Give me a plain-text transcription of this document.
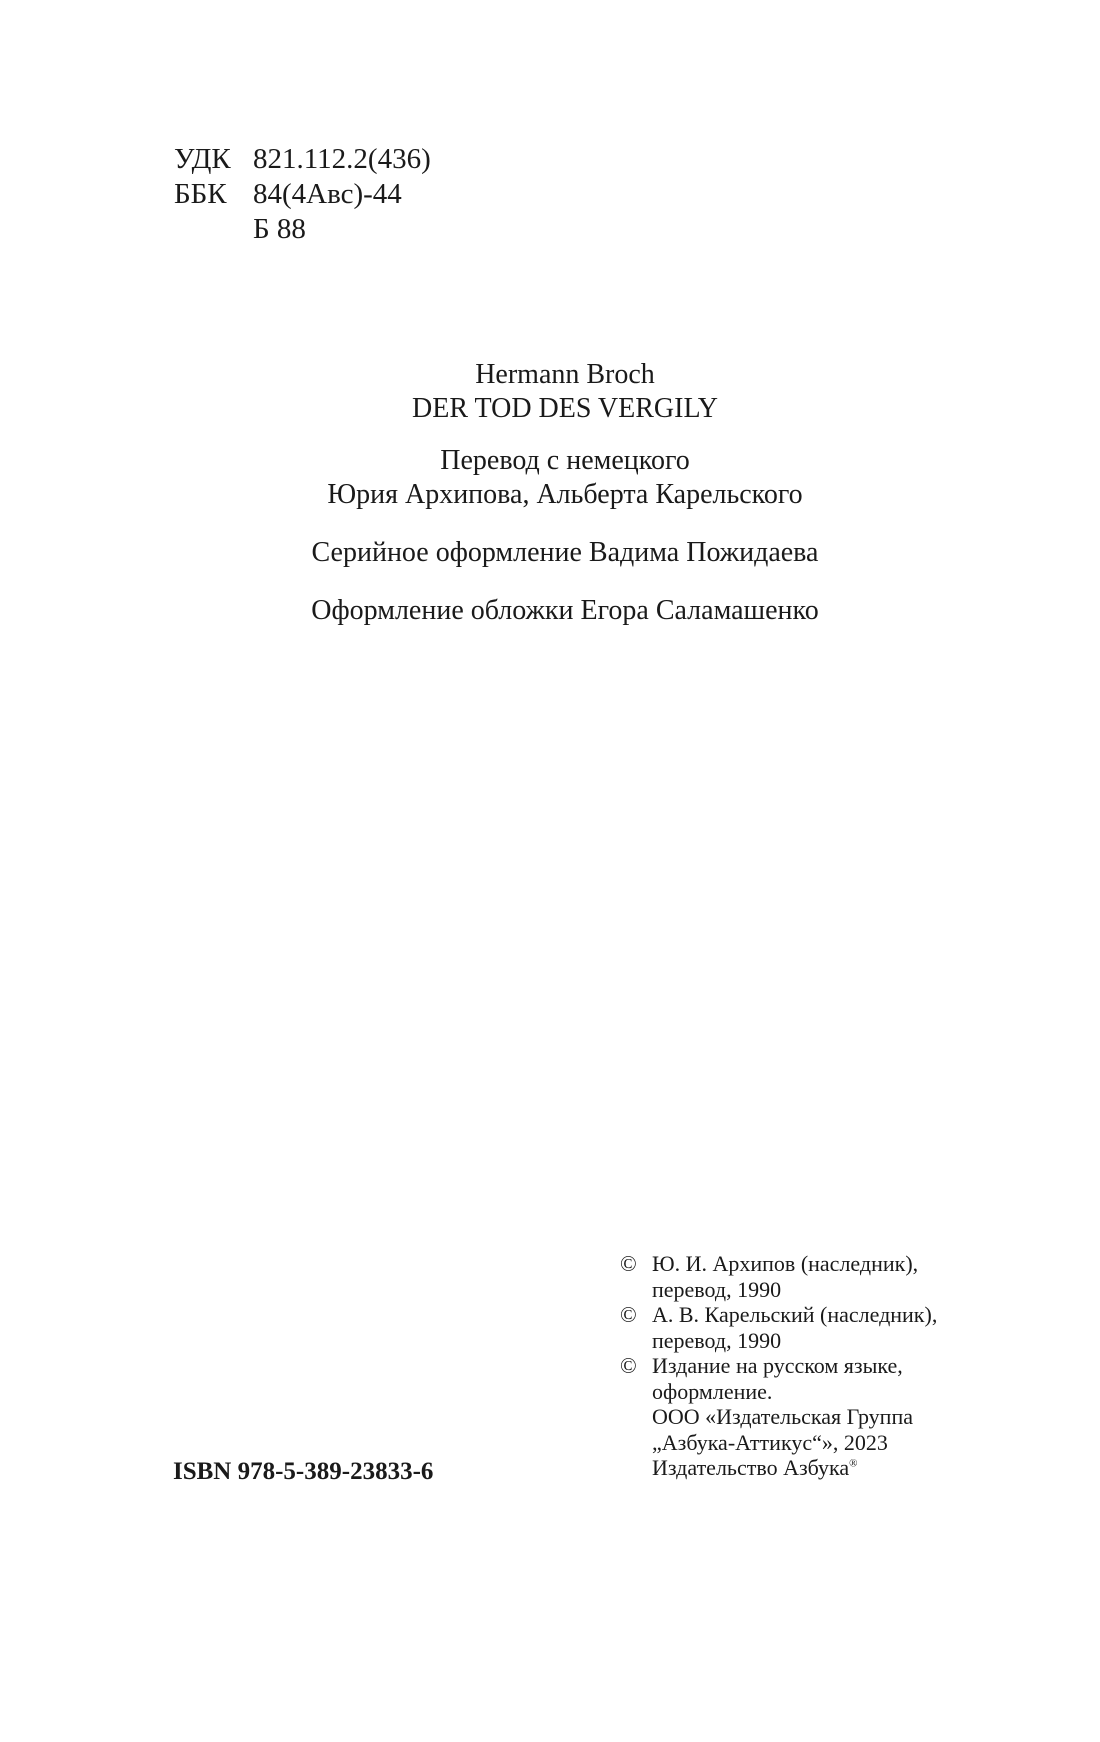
УДК 821.112.2(436)
ББК 84(4Авс)-44
Б 88
Hermann Broch
DER TOD DES VERGILY
Перевод с немецкого
Юрия Архипова, Альберта Карельского
Серийное оформление Вадима Пожидаева
Оформление обложки Егора Саламашенко
© Ю. И. Архипов (наследник),
перевод, 1990
© А. В. Карельский (наследник),
перевод, 1990
© Издание на русском языке,
оформление.
ООО «Издательская Группа
„Азбука-Аттикус“», 2023
Издательство Азбука®
ISBN 978-5-389-23833-6
